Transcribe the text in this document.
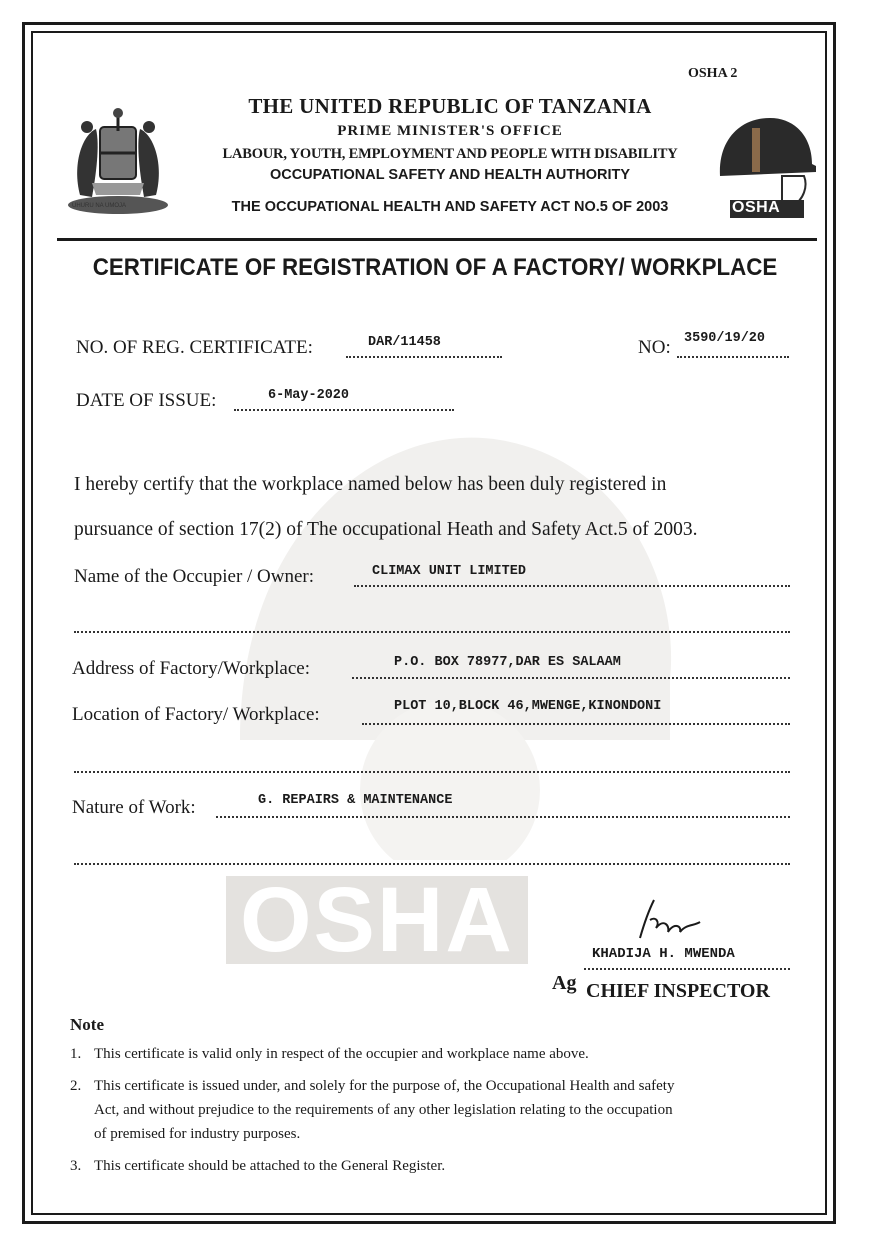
UHURU NA UMOJA	OSHA
OSHA 2
THE UNITED REPUBLIC OF TANZANIA
PRIME MINISTER'S OFFICE
LABOUR, YOUTH, EMPLOYMENT AND PEOPLE WITH DISABILITY
OCCUPATIONAL SAFETY AND HEALTH AUTHORITY
THE OCCUPATIONAL HEALTH AND SAFETY ACT NO.5 OF 2003
CERTIFICATE OF REGISTRATION OF A FACTORY/ WORKPLACE
NO. OF REG. CERTIFICATE:	DAR/11458	NO: 3590/19/20
DATE OF ISSUE:	6-May-2020
I hereby certify that the workplace named below has been duly registered in
pursuance of section 17(2) of The occupational Heath and Safety Act.5 of 2003.
Name of the Occupier / Owner:	CLIMAX UNIT LIMITED
Address of Factory/Workplace:	P.O. BOX 78977,DAR ES SALAAM
Location of Factory/ Workplace:	PLOT 10,BLOCK 46,MWENGE,KINONDONI
Nature of Work:	G. REPAIRS & MAINTENANCE
OSHA	KHADIJA H. MWENDA
Ag CHIEF INSPECTOR
Note
1. This certificate is valid only in respect of the occupier and workplace name above.
2. This certificate is issued under, and solely for the purpose of, the Occupational Health and safety
Act, and without prejudice to the requirements of any other legislation relating to the occupation
of premised for industry purposes.
3. This certificate should be attached to the General Register.
